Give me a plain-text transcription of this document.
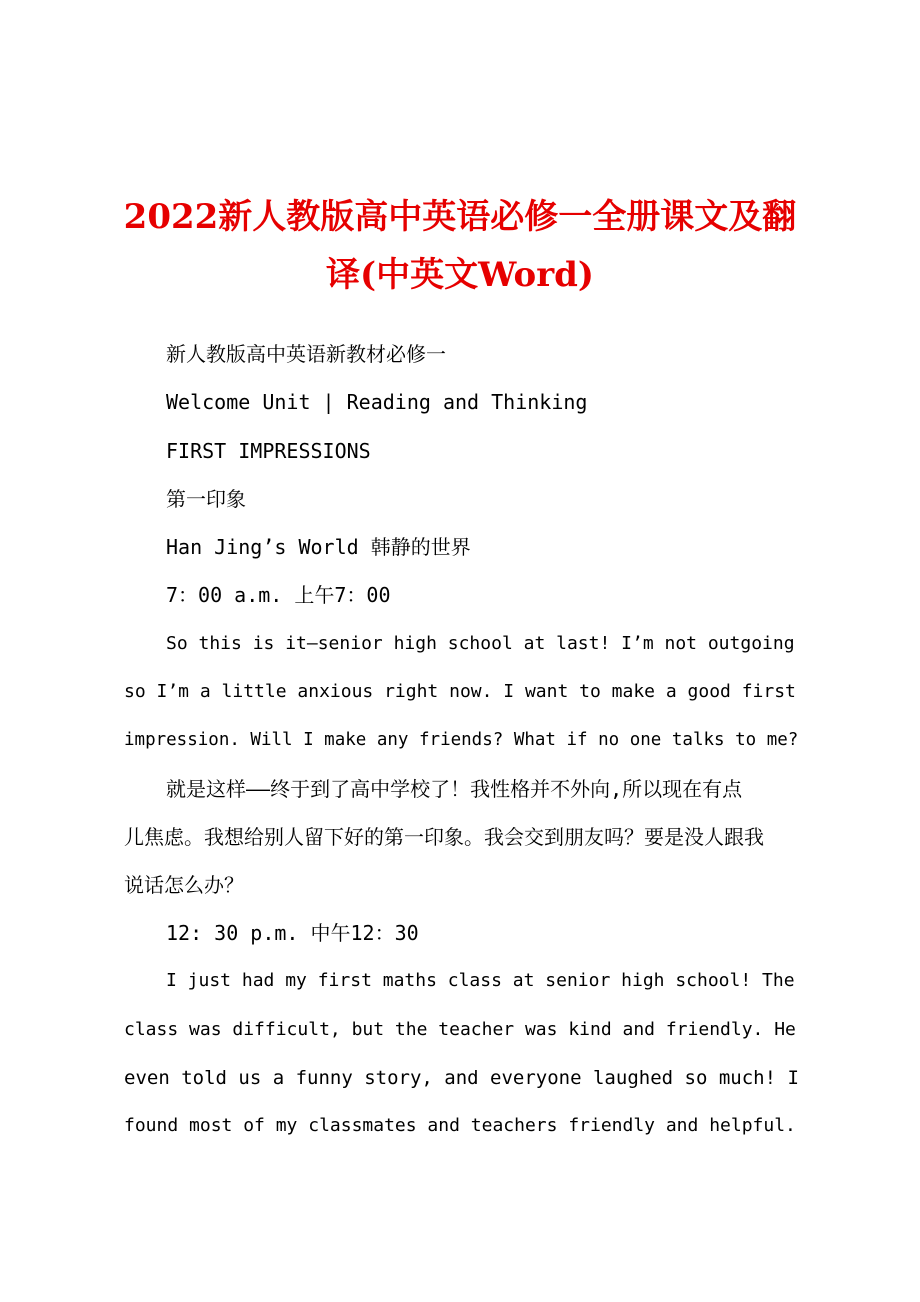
2022新人教版高中英语必修一全册课文及翻
译(中英文Word)

新人教版高中英语新教材必修一

Welcome Unit | Reading and Thinking

FIRST IMPRESSIONS

第一印象

Han Jing’s World 韩静的世界

7：00 a.m. 上午7：00

So this is it—senior high school at last! I’m not outgoing

so I’m a little anxious right now. I want to make a good first

impression. Will I make any friends? What if no one talks to me?

就是这样——终于到了高中学校了！我性格并不外向,所以现在有点

儿焦虑。我想给别人留下好的第一印象。我会交到朋友吗？要是没人跟我

说话怎么办？

12: 30 p.m. 中午12：30

I just had my first maths class at senior high school! The

class was difficult, but the teacher was kind and friendly. He

even told us a funny story, and everyone laughed so much! I

found most of my classmates and teachers friendly and helpful.
